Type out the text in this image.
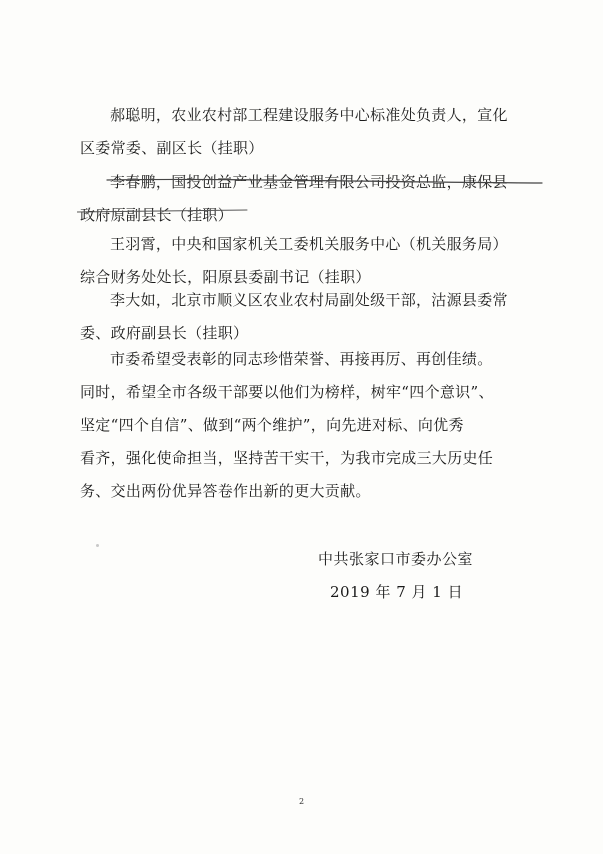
郝聪明，农业农村部工程建设服务中心标准处负责人，宣化
区委常委、副区长（挂职）
李春鹏，国投创益产业基金管理有限公司投资总监，康保县
政府原副县长（挂职）
王羽霄，中央和国家机关工委机关服务中心（机关服务局）
综合财务处处长，阳原县委副书记（挂职）
李大如，北京市顺义区农业农村局副处级干部，沽源县委常
委、政府副县长（挂职）
市委希望受表彰的同志珍惜荣誉、再接再厉、再创佳绩。
同时，希望全市各级干部要以他们为榜样，树牢“四个意识”、
坚定“四个自信”、做到“两个维护”，向先进对标、向优秀
看齐，强化使命担当，坚持苦干实干，为我市完成三大历史任
务、交出两份优异答卷作出新的更大贡献。
中共张家口市委办公室
2019 年 7 月 1 日
2
